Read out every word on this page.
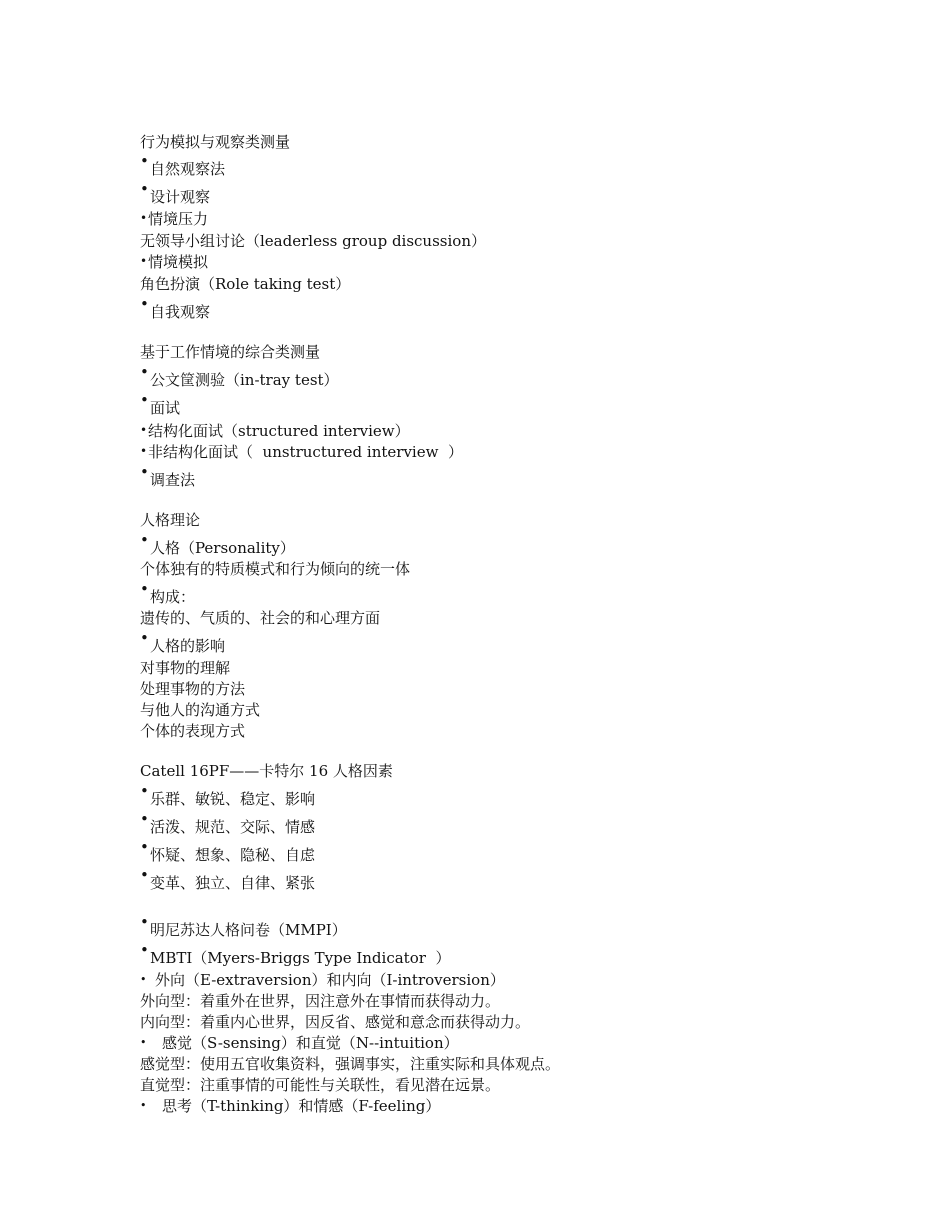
行为模拟与观察类测量
• 自然观察法
• 设计观察
• 情境压力
无领导小组讨论（leaderless group discussion）
• 情境模拟
角色扮演（Role taking test）
• 自我观察
基于工作情境的综合类测量
• 公文筐测验（in-tray test）
• 面试
• 结构化面试（structured interview）
• 非结构化面试（  unstructured interview  ）
• 调查法
人格理论
• 人格（Personality）
个体独有的特质模式和行为倾向的统一体
• 构成：
遗传的、气质的、社会的和心理方面
• 人格的影响
对事物的理解
处理事物的方法
与他人的沟通方式
个体的表现方式
Catell 16PF——卡特尔 16 人格因素
• 乐群、敏锐、稳定、影响
• 活泼、规范、交际、情感
• 怀疑、想象、隐秘、自虑
• 变革、独立、自律、紧张
• 明尼苏达人格问卷（MMPI）
• MBTI（Myers-Briggs Type Indicator  ）
• 外向（E-extraversion）和内向（I-introversion）
外向型：着重外在世界，因注意外在事情而获得动力。
内向型：着重内心世界，因反省、感觉和意念而获得动力。
• 感觉（S-sensing）和直觉（N--intuition）
感觉型：使用五官收集资料，强调事实，注重实际和具体观点。
直觉型：注重事情的可能性与关联性，看见潜在远景。
• 思考（T-thinking）和情感（F-feeling）
